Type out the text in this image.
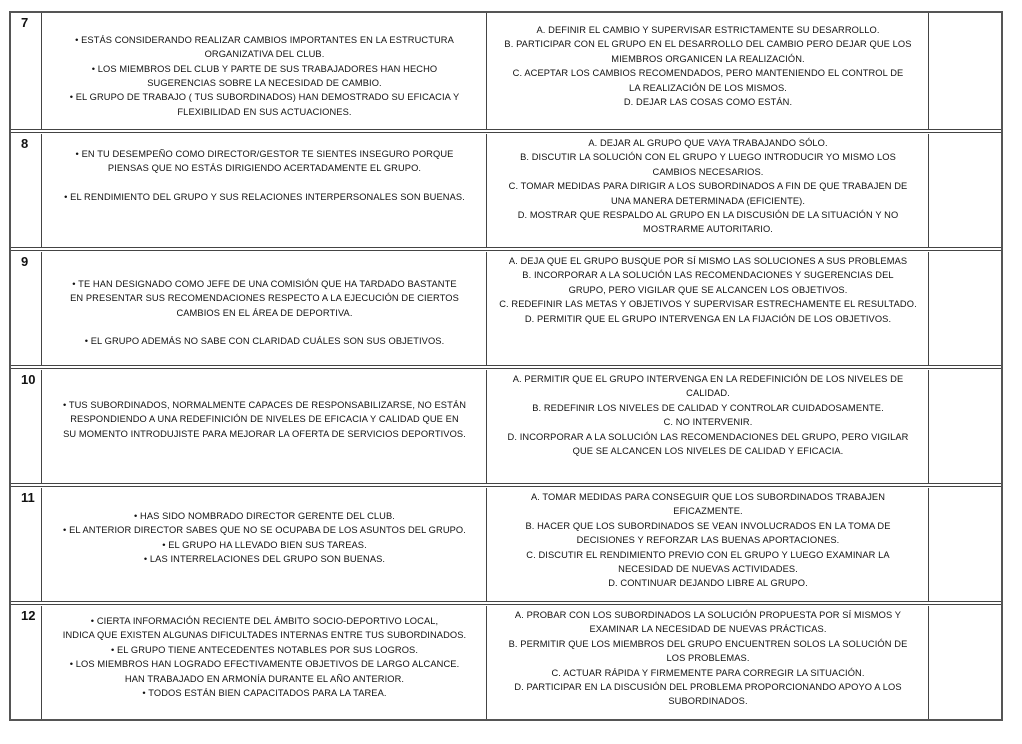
7
• ESTÁS CONSIDERANDO REALIZAR CAMBIOS IMPORTANTES EN LA ESTRUCTURA
ORGANIZATIVA DEL CLUB.
• LOS MIEMBROS DEL CLUB Y PARTE DE SUS TRABAJADORES HAN HECHO
SUGERENCIAS SOBRE LA NECESIDAD DE CAMBIO.
• EL GRUPO DE TRABAJO ( TUS SUBORDINADOS) HAN DEMOSTRADO SU EFICACIA Y
FLEXIBILIDAD EN SUS ACTUACIONES.
A. DEFINIR EL CAMBIO Y SUPERVISAR ESTRICTAMENTE SU DESARROLLO.
B. PARTICIPAR CON EL GRUPO EN EL DESARROLLO DEL CAMBIO PERO DEJAR QUE LOS
MIEMBROS ORGANICEN LA REALIZACIÓN.
C. ACEPTAR LOS CAMBIOS RECOMENDADOS, PERO MANTENIENDO EL CONTROL DE
LA REALIZACIÓN DE LOS MISMOS.
D. DEJAR LAS COSAS COMO ESTÁN.
8
• EN TU DESEMPEÑO COMO DIRECTOR/GESTOR TE SIENTES INSEGURO PORQUE
PIENSAS QUE NO ESTÁS DIRIGIENDO ACERTADAMENTE EL GRUPO.
• EL RENDIMIENTO DEL GRUPO Y SUS RELACIONES INTERPERSONALES SON BUENAS.
A. DEJAR AL GRUPO QUE VAYA TRABAJANDO SÓLO.
B. DISCUTIR LA SOLUCIÓN CON EL GRUPO Y LUEGO INTRODUCIR YO MISMO LOS
CAMBIOS NECESARIOS.
C. TOMAR MEDIDAS PARA DIRIGIR A LOS SUBORDINADOS A FIN DE QUE TRABAJEN DE
UNA MANERA DETERMINADA (EFICIENTE).
D. MOSTRAR QUE RESPALDO AL GRUPO EN LA DISCUSIÓN DE LA SITUACIÓN Y NO
MOSTRARME AUTORITARIO.
9
• TE HAN DESIGNADO COMO JEFE DE UNA COMISIÓN QUE HA TARDADO BASTANTE
EN PRESENTAR SUS RECOMENDACIONES RESPECTO A LA EJECUCIÓN DE CIERTOS
CAMBIOS EN EL ÁREA DE DEPORTIVA.
• EL GRUPO ADEMÁS NO SABE CON CLARIDAD CUÁLES SON SUS OBJETIVOS.
A. DEJA QUE EL GRUPO BUSQUE POR SÍ MISMO LAS SOLUCIONES A SUS PROBLEMAS
B. INCORPORAR A LA SOLUCIÓN LAS RECOMENDACIONES Y SUGERENCIAS DEL
GRUPO, PERO VIGILAR QUE SE ALCANCEN LOS OBJETIVOS.
C. REDEFINIR LAS METAS Y OBJETIVOS Y SUPERVISAR ESTRECHAMENTE EL RESULTADO.
D. PERMITIR QUE EL GRUPO INTERVENGA EN LA FIJACIÓN DE LOS OBJETIVOS.
10
• TUS SUBORDINADOS, NORMALMENTE CAPACES DE RESPONSABILIZARSE, NO ESTÁN
RESPONDIENDO A UNA REDEFINICIÓN DE NIVELES DE EFICACIA Y CALIDAD QUE EN
SU MOMENTO INTRODUJISTE PARA MEJORAR LA OFERTA DE SERVICIOS DEPORTIVOS.
A. PERMITIR QUE EL GRUPO INTERVENGA EN LA REDEFINICIÓN DE LOS NIVELES DE
CALIDAD.
B. REDEFINIR LOS NIVELES DE CALIDAD Y CONTROLAR CUIDADOSAMENTE.
C. NO INTERVENIR.
D. INCORPORAR A LA SOLUCIÓN LAS RECOMENDACIONES DEL GRUPO, PERO VIGILAR
QUE SE ALCANCEN LOS NIVELES DE CALIDAD Y EFICACIA.
11
• HAS SIDO NOMBRADO DIRECTOR GERENTE DEL CLUB.
• EL ANTERIOR DIRECTOR SABES QUE NO SE OCUPABA DE LOS ASUNTOS DEL GRUPO.
• EL GRUPO HA LLEVADO BIEN SUS TAREAS.
• LAS INTERRELACIONES DEL GRUPO SON BUENAS.
A. TOMAR MEDIDAS PARA CONSEGUIR QUE LOS SUBORDINADOS TRABAJEN
EFICAZMENTE.
B. HACER QUE LOS SUBORDINADOS SE VEAN INVOLUCRADOS EN LA TOMA DE
DECISIONES Y REFORZAR LAS BUENAS APORTACIONES.
C. DISCUTIR EL RENDIMIENTO PREVIO CON EL GRUPO Y LUEGO EXAMINAR LA
NECESIDAD DE NUEVAS ACTIVIDADES.
D. CONTINUAR DEJANDO LIBRE AL GRUPO.
12	• CIERTA INFORMACIÓN RECIENTE DEL ÁMBITO SOCIO-DEPORTIVO LOCAL,
INDICA QUE EXISTEN ALGUNAS DIFICULTADES INTERNAS ENTRE TUS SUBORDINADOS.
• EL GRUPO TIENE ANTECEDENTES NOTABLES POR SUS LOGROS.
• LOS MIEMBROS HAN LOGRADO EFECTIVAMENTE OBJETIVOS DE LARGO ALCANCE.
HAN TRABAJADO EN ARMONÍA DURANTE EL AÑO ANTERIOR.
• TODOS ESTÁN BIEN CAPACITADOS PARA LA TAREA.
A. PROBAR CON LOS SUBORDINADOS LA SOLUCIÓN PROPUESTA POR SÍ MISMOS Y
EXAMINAR LA NECESIDAD DE NUEVAS PRÁCTICAS.
B. PERMITIR QUE LOS MIEMBROS DEL GRUPO ENCUENTREN SOLOS LA SOLUCIÓN DE
LOS PROBLEMAS.
C. ACTUAR RÁPIDA Y FIRMEMENTE PARA CORREGIR LA SITUACIÓN.
D. PARTICIPAR EN LA DISCUSIÓN DEL PROBLEMA PROPORCIONANDO APOYO A LOS
SUBORDINADOS.
